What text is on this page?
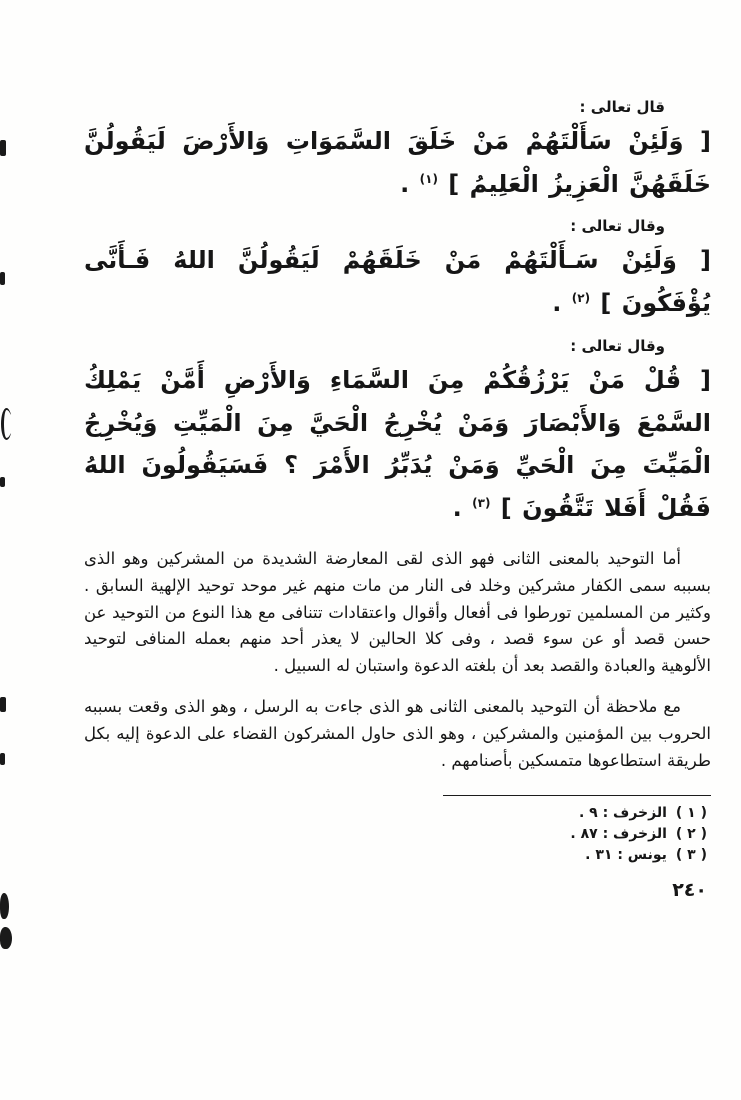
قال تعالى :

[ وَلَئِنْ سَأَلْتَهُمْ مَنْ خَلَقَ السَّمَوَاتِ وَالأَرْضَ لَيَقُولُنَّ خَلَقَهُنَّ الْعَزِيزُ الْعَلِيمُ ] $^{(١)}$ .

وقال تعالى :

[ وَلَئِنْ سَـأَلْتَهُمْ مَنْ خَلَقَهُمْ لَيَقُولُنَّ اللهُ فَـأَنَّى يُؤْفَكُونَ ] $^{(٢)}$ .

وقال تعالى :

[ قُلْ مَنْ يَرْزُقُكُمْ مِنَ السَّمَاءِ وَالأَرْضِ أَمَّنْ يَمْلِكُ السَّمْعَ وَالأَبْصَارَ وَمَنْ يُخْرِجُ الْحَيَّ مِنَ الْمَيِّتِ وَيُخْرِجُ الْمَيِّتَ مِنَ الْحَيِّ وَمَنْ يُدَبِّرُ الأَمْرَ ؟ فَسَيَقُولُونَ اللهُ فَقُلْ أَفَلا تَتَّقُونَ ] $^{(٣)}$ .

أما التوحيد بالمعنى الثانى فهو الذى لقى المعارضة الشديدة من المشركين وهو الذى بسببه سمى الكفار مشركين وخلد فى النار من مات منهم غير موحد توحيد الإلهية السابق . وكثير من المسلمين تورطوا فى أفعال وأقوال واعتقادات تتنافى مع هذا النوع من التوحيد عن حسن قصد أو عن سوء قصد ، وفى كلا الحالين لا يعذر أحد منهم بعمله المنافى لتوحيد الألوهية والعبادة والقصد بعد أن بلغته الدعوة واستبان له السبيل .

مع ملاحظة أن التوحيد بالمعنى الثانى هو الذى جاءت به الرسل ، وهو الذى وقعت بسببه الحروب بين المؤمنين والمشركين ، وهو الذى حاول المشركون القضاء على الدعوة إليه بكل طريقة استطاعوها متمسكين بأصنامهم .

( ١ )الزخرف : ٩ .
( ٢ )الزخرف : ٨٧ .
( ٣ )يونس : ٣١ .
٢٤٠
